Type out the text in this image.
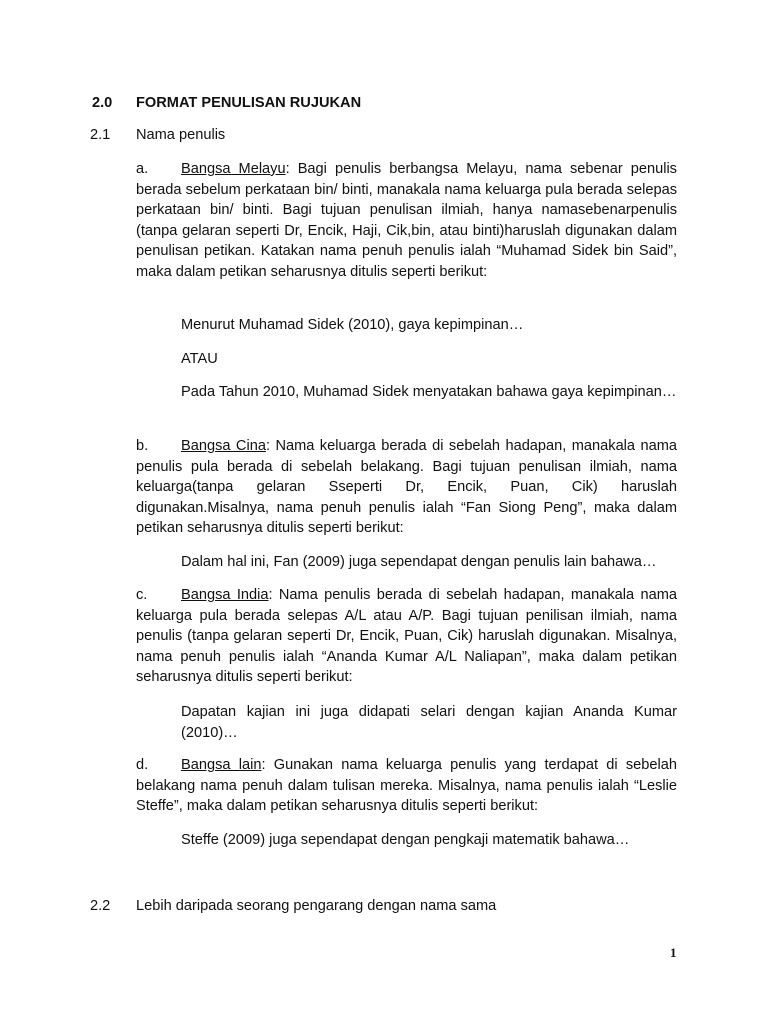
2.0 FORMAT PENULISAN RUJUKAN
2.1 Nama penulis
a. Bangsa Melayu: Bagi penulis berbangsa Melayu, nama sebenar penulis berada sebelum perkataan bin/ binti, manakala nama keluarga pula berada selepas perkataan bin/ binti. Bagi tujuan penulisan ilmiah, hanya namasebenarpenulis (tanpa gelaran seperti Dr, Encik, Haji, Cik,bin, atau binti)haruslah digunakan dalam penulisan petikan. Katakan nama penuh penulis ialah “Muhamad Sidek bin Said”, maka dalam petikan seharusnya ditulis seperti berikut:
Menurut Muhamad Sidek (2010), gaya kepimpinan…
ATAU
Pada Tahun 2010, Muhamad Sidek menyatakan bahawa gaya kepimpinan…
b. Bangsa Cina: Nama keluarga berada di sebelah hadapan, manakala nama penulis pula berada di sebelah belakang. Bagi tujuan penulisan ilmiah, nama keluarga(tanpa gelaran Sseperti Dr, Encik, Puan, Cik) haruslah digunakan.Misalnya, nama penuh penulis ialah “Fan Siong Peng”, maka dalam petikan seharusnya ditulis seperti berikut:
Dalam hal ini, Fan (2009) juga sependapat dengan penulis lain bahawa…
c. Bangsa India: Nama penulis berada di sebelah hadapan, manakala nama keluarga pula berada selepas A/L atau A/P. Bagi tujuan penilisan ilmiah, nama penulis (tanpa gelaran seperti Dr, Encik, Puan, Cik) haruslah digunakan. Misalnya, nama penuh penulis ialah “Ananda Kumar A/L Naliapan”, maka dalam petikan seharusnya ditulis seperti berikut:
Dapatan kajian ini juga didapati selari dengan kajian Ananda Kumar (2010)…
d. Bangsa lain: Gunakan nama keluarga penulis yang terdapat di sebelah belakang nama penuh dalam tulisan mereka. Misalnya, nama penulis ialah “Leslie Steffe”, maka dalam petikan seharusnya ditulis seperti berikut:
Steffe (2009) juga sependapat dengan pengkaji matematik bahawa…
2.2 Lebih daripada seorang pengarang dengan nama sama
1
